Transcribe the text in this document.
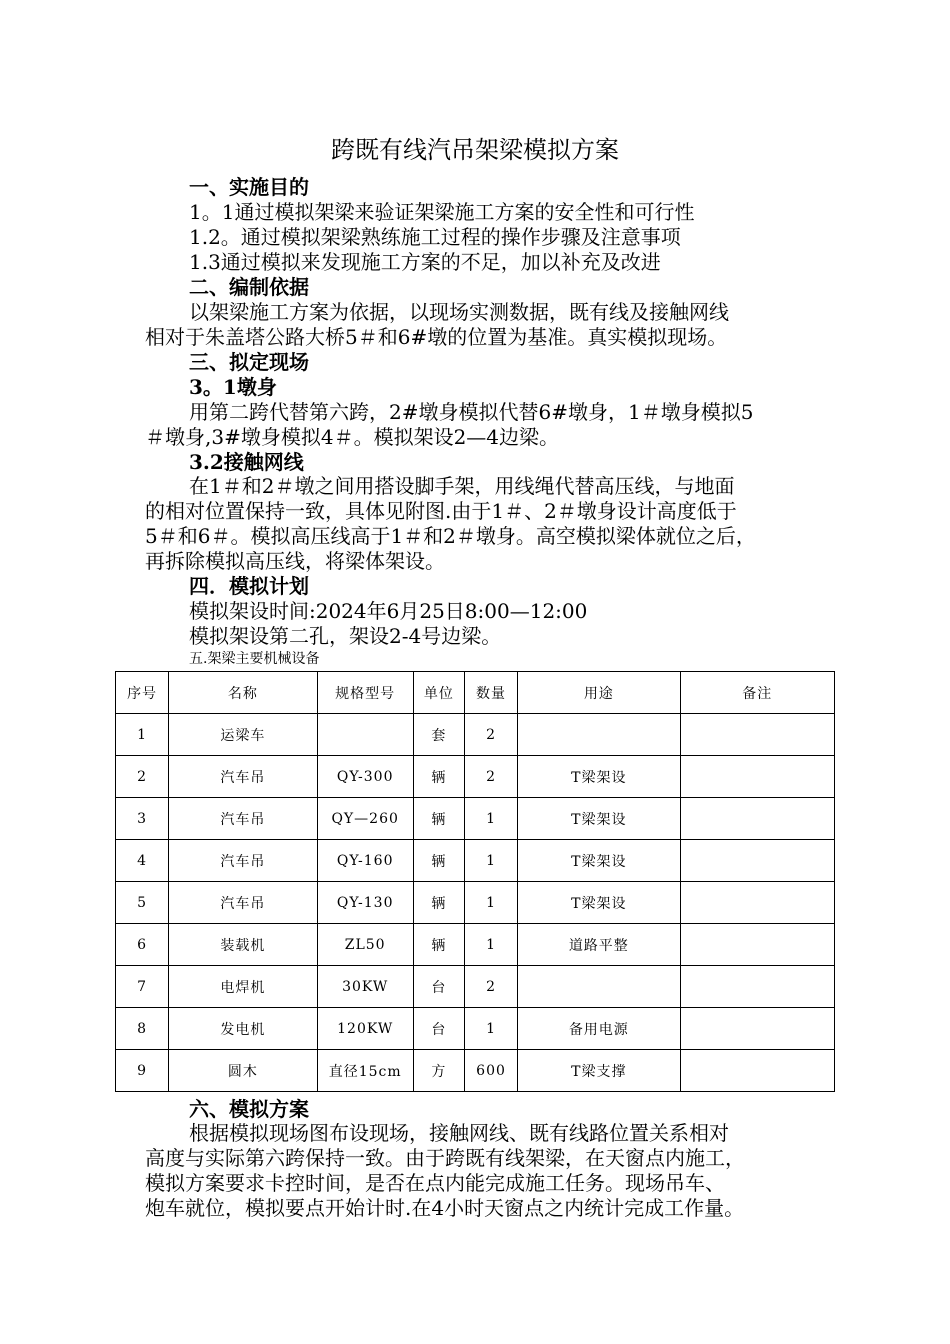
跨既有线汽吊架梁模拟方案
一、实施目的
1。1通过模拟架梁来验证架梁施工方案的安全性和可行性
1.2。通过模拟架梁熟练施工过程的操作步骤及注意事项
1.3通过模拟来发现施工方案的不足，加以补充及改进
二、编制依据
以架梁施工方案为依据，以现场实测数据，既有线及接触网线
相对于朱盖塔公路大桥5＃和6#墩的位置为基准。真实模拟现场。
三、拟定现场
3。1墩身
用第二跨代替第六跨，2#墩身模拟代替6#墩身，1＃墩身模拟5
＃墩身,3#墩身模拟4＃。模拟架设2—4边梁。
3.2接触网线
在1＃和2＃墩之间用搭设脚手架，用线绳代替高压线，与地面
的相对位置保持一致，具体见附图.由于1＃、2＃墩身设计高度低于
5＃和6＃。模拟高压线高于1＃和2＃墩身。高空模拟梁体就位之后，
再拆除模拟高压线，将梁体架设。
四．模拟计划
模拟架设时间:2024年6月25日8:00—12:00
模拟架设第二孔，架设2-4号边梁。
五.架梁主要机械设备
序号	名称	规格型号	单位	数量	用途	备注
1	运梁车		套	2		
2	汽车吊	QY-300	辆	2	T梁架设	
3	汽车吊	QY—260	辆	1	T梁架设	
4	汽车吊	QY-160	辆	1	T梁架设	
5	汽车吊	QY-130	辆	1	T梁架设	
6	装载机	ZL50	辆	1	道路平整	
7	电焊机	30KW	台	2		
8	发电机	120KW	台	1	备用电源	
9	圆木	直径15cm	方	600	T梁支撑	
六、模拟方案
根据模拟现场图布设现场，接触网线、既有线路位置关系相对
高度与实际第六跨保持一致。由于跨既有线架梁，在天窗点内施工，
模拟方案要求卡控时间，是否在点内能完成施工任务。现场吊车、
炮车就位，模拟要点开始计时.在4小时天窗点之内统计完成工作量。
